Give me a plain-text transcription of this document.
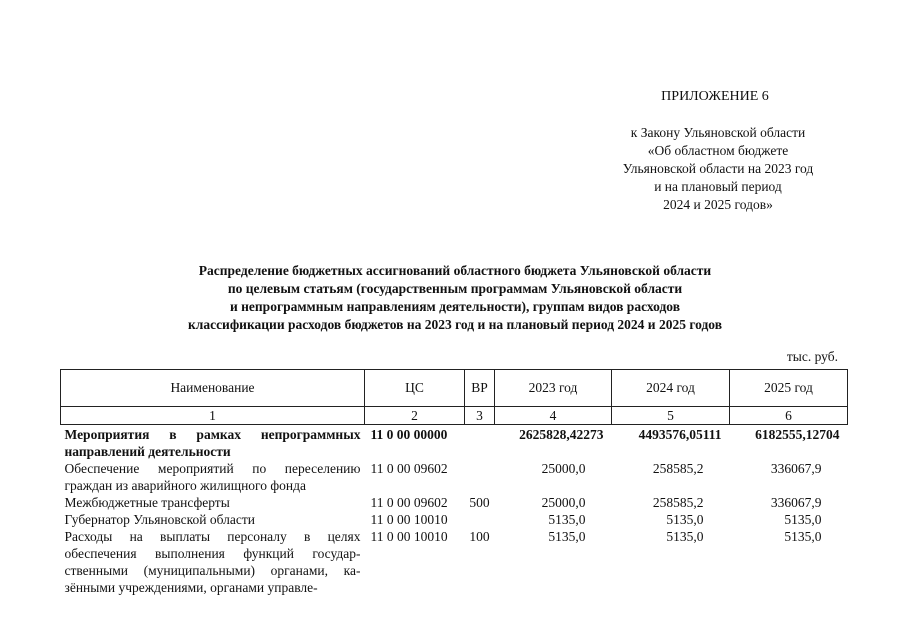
ПРИЛОЖЕНИЕ 6
к Закону Ульяновской области
«Об областном бюджете
Ульяновской области на 2023 год
и на плановый период
2024 и 2025 годов»
Распределение бюджетных ассигнований областного бюджета Ульяновской области
по целевым статьям (государственным программам Ульяновской области
и непрограммным направлениям деятельности), группам видов расходов
классификации расходов бюджетов на 2023 год и на плановый период 2024 и 2025 годов
тыс. руб.
Наименование	ЦС	ВР	2023 год	2024 год	2025 год
1	2	3	4	5	6
Мероприятия в рамках непрограммных направлений деятельности	11 0 00 00000		2625828,42273	4493576,05111	6182555,12704
Обеспечение мероприятий по переселению граждан из аварийного жилищного фонда	11 0 00 09602		25000,0	258585,2	336067,9
Межбюджетные трансферты	11 0 00 09602	500	25000,0	258585,2	336067,9
Губернатор Ульяновской области	11 0 00 10010		5135,0	5135,0	5135,0
Расходы на выплаты персоналу в целях обеспечения выполнения функций государственными (муниципальными) органами, казёнными учреждениями, органами управле-	11 0 00 10010	100	5135,0	5135,0	5135,0
